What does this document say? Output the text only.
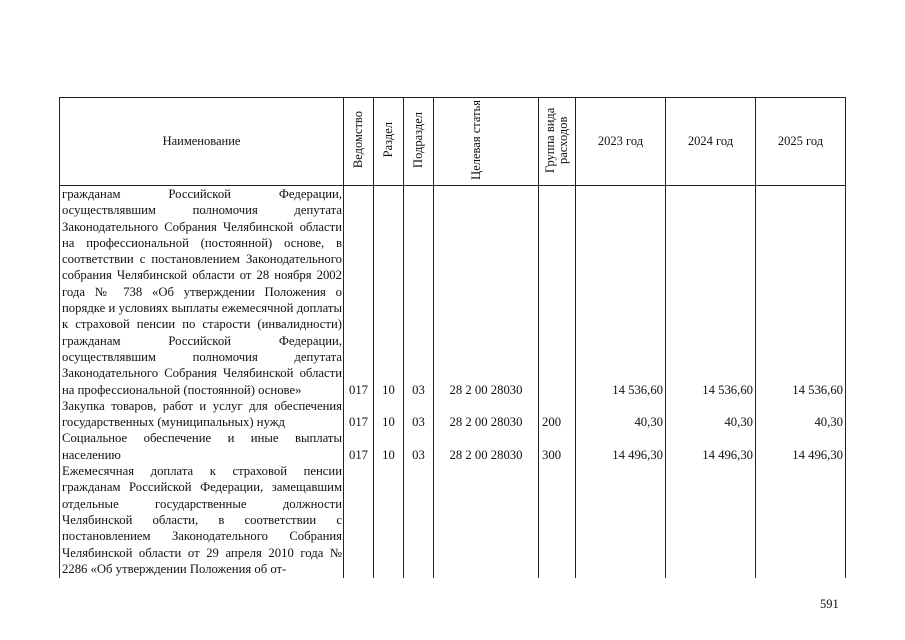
Наименование	Ведомство	Раздел	Подраздел	Целевая статья	Группа вида расходов	2023 год	2024 год	2025 год
гражданам Российской Федерации, осуществлявшим полномочия депутата Законодательного Собрания Челябинской области на профессиональной (постоянной) основе, в соответствии с постановлением Законодательного собрания Челябинской области от 28 ноября 2002 года № 738 «Об утверждении Положения о порядке и условиях выплаты ежемесячной доплаты к страховой пенсии по старости (инвалидности) гражданам Российской Федерации, осуществлявшим полномочия депутата Законодательного Собрания Челябинской области на профессиональной (постоянной) основе»	017	10	03	28 2 00 28030		14 536,60	14 536,60	14 536,60
Закупка товаров, работ и услуг для обеспечения государственных (муниципальных) нужд	017	10	03	28 2 00 28030	200	40,30	40,30	40,30
Социальное обеспечение и иные выплаты населению	017	10	03	28 2 00 28030	300	14 496,30	14 496,30	14 496,30
Ежемесячная доплата к страховой пенсии гражданам Российской Федерации, замещавшим отдельные государственные должности Челябинской области, в соответствии с постановлением Законодательного Собрания Челябинской области от 29 апреля 2010 года № 2286 «Об утверждении Положения об от-								
591
